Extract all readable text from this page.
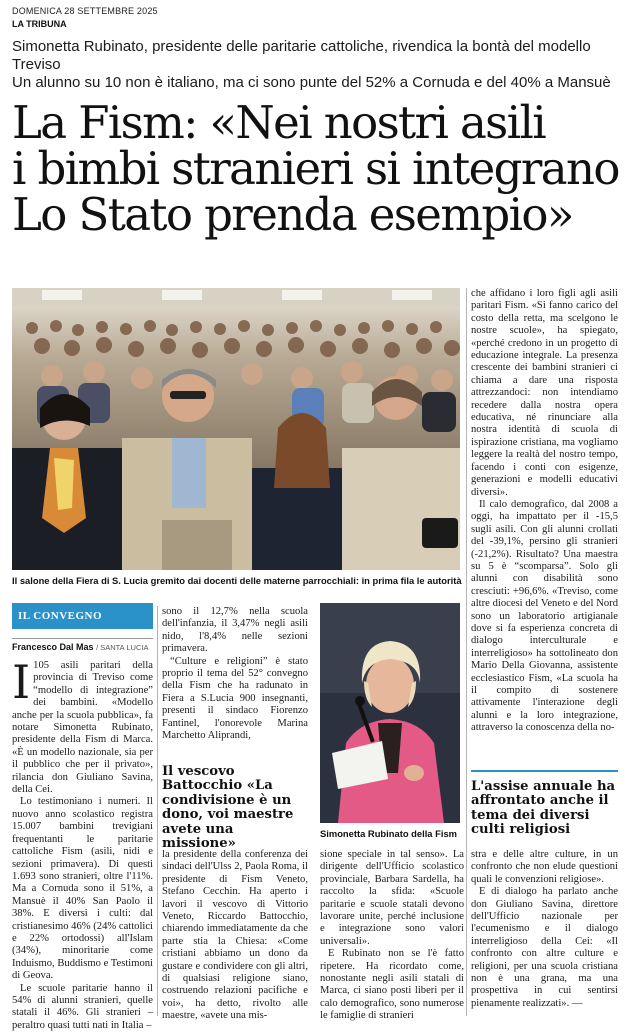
DOMENICA 28 SETTEMBRE 2025
LA TRIBUNA
Simonetta Rubinato, presidente delle paritarie cattoliche, rivendica la bontà del modello Treviso
Un alunno su 10 non è italiano, ma ci sono punte del 52% a Cornuda e del 40% a Mansuè
La Fism: «Nei nostri asili
i bimbi stranieri si integrano
Lo Stato prenda esempio»
Il salone della Fiera di S. Lucia gremito dai docenti delle materne parrocchiali: in prima fila le autorità
IL CONVEGNO
Francesco Dal Mas / SANTA LUCIA
I 105 asili paritari della provincia di Treviso come “modello di integrazione” dei bambini. «Modello anche per la scuola pubblica», fa notare Simonetta Rubinato, presidente della Fism di Marca. «È un modello nazionale, sia per il pubblico che per il privato», rilancia don Giuliano Savina, della Cei.

Lo testimoniano i numeri. Il nuovo anno scolastico registra 15.007 bambini trevigiani frequentanti le paritarie cattoliche Fism (asili, nidi e sezioni primavera). Di questi 1.693 sono stranieri, oltre l'11%. Ma a Cornuda sono il 51%, a Mansuè il 40% San Paolo il 38%. E diversi i culti: dal cristianesimo 46% (24% cattolici e 22% ortodossi) all'Islam (34%), minoritarie come Induismo, Buddismo e Testimoni di Geova.

Le scuole paritarie hanno il 54% di alunni stranieri, quelle statali il 46%. Gli stranieri – peraltro quasi tutti nati in Italia –

sono il 12,7% nella scuola dell'infanzia, il 3,47% negli asili nido, l'8,4% nelle sezioni primavera.

“Culture e religioni” è stato proprio il tema del 52° convegno della Fism che ha radunato in Fiera a S.Lucia 900 insegnanti, presenti il sindaco Fiorenzo Fantinel, l'onorevole Marina Marchetto Aliprandi,

Il vescovo Battocchio «La condivisione è un dono, voi maestre avete una missione»

la presidente della conferenza dei sindaci dell'Ulss 2, Paola Roma, il presidente di Fism Veneto, Stefano Cecchin. Ha aperto i lavori il vescovo di Vittorio Veneto, Riccardo Battocchio, chiarendo immediatamente da che parte stia la Chiesa: «Come cristiani abbiamo un dono da gustare e condividere con gli altri, di qualsiasi religione siano, costruendo relazioni pacifiche e voi», ha detto, rivolto alle maestre, «avete una mis-

Simonetta Rubinato della Fism

sione speciale in tal senso». La dirigente dell'Ufficio scolastico provinciale, Barbara Sardella, ha raccolto la sfida: «Scuole paritarie e scuole statali devono lavorare unite, perché inclusione e integrazione sono valori universali».

E Rubinato non se l'è fatto ripetere. Ha ricordato come, nonostante negli asili statali di Marca, ci siano posti liberi per il calo demografico, sono numerose le famiglie di stranieri

che affidano i loro figli agli asili paritari Fism. «Si fanno carico del costo della retta, ma scelgono le nostre scuole», ha spiegato, «perché credono in un progetto di educazione integrale. La presenza crescente dei bambini stranieri ci chiama a dare una risposta attrezzandoci: non intendiamo recedere dalla nostra opera educativa, né rinunciare alla nostra identità di scuola di ispirazione cristiana, ma vogliamo leggere la realtà del nostro tempo, facendo i conti con esigenze, generazioni e modelli educativi diversi».

Il calo demografico, dal 2008 a oggi, ha impattato per il -15,5 sugli asili. Con gli alunni crollati del -39,1%, persino gli stranieri (-21,2%). Risultato? Una maestra su 5 è “scomparsa”. Solo gli alunni con disabilità sono cresciuti: +96,6%. «Treviso, come altre diocesi del Veneto e del Nord sono un laboratorio artigianale dove si fa esperienza concreta di dialogo interculturale e interreligioso» ha sottolineato don Mario Della Giovanna, assistente ecclesiastico Fism, «La scuola ha il compito di sostenere attivamente l'interazione degli alunni e la loro integrazione, attraverso la conoscenza della no-

L'assise annuale ha affrontato anche il tema dei diversi culti religiosi

stra e delle altre culture, in un confronto che non elude questioni quali le convenzioni religiose».

E di dialogo ha parlato anche don Giuliano Savina, direttore dell'Ufficio nazionale per l'ecumenismo e il dialogo interreligioso della Cei: «Il confronto con altre culture e religioni, per una scuola cristiana non è una grana, ma una prospettiva in cui sentirsi pienamente realizzati». —
